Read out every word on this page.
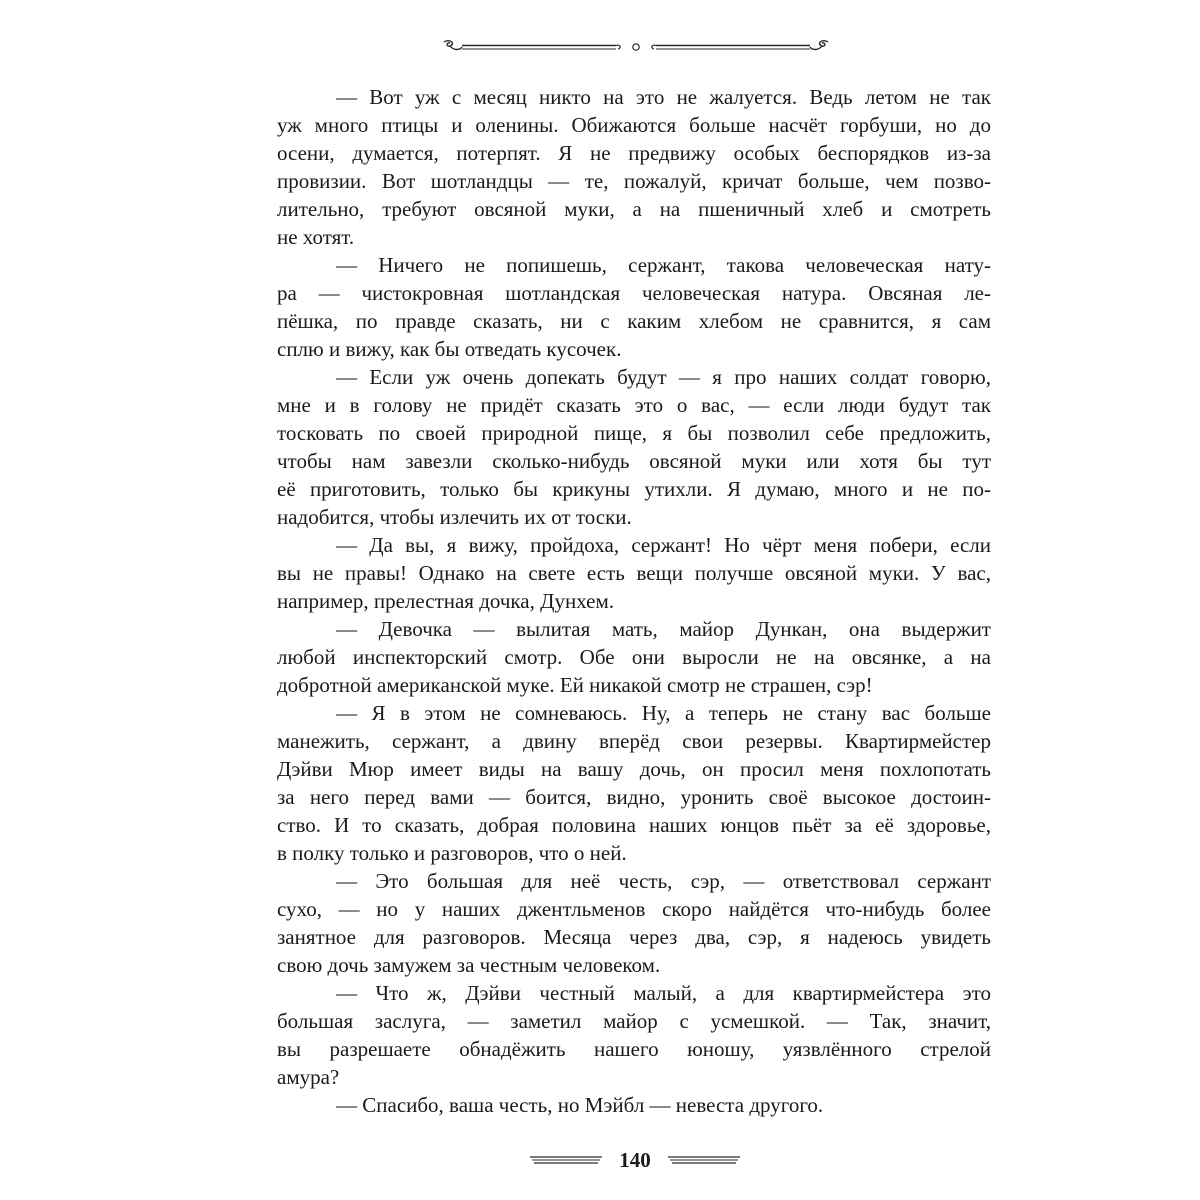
— Вот уж с месяц никто на это не жалуется. Ведь летом не так
уж много птицы и оленины. Обижаются больше насчёт горбуши, но до
осени, думается, потерпят. Я не предвижу особых беспорядков из-за
провизии. Вот шотландцы — те, пожалуй, кричат больше, чем позво-
лительно, требуют овсяной муки, а на пшеничный хлеб и смотреть
не хотят.
— Ничего не попишешь, сержант, такова человеческая нату-
ра — чистокровная шотландская человеческая натура. Овсяная ле-
пёшка, по правде сказать, ни с каким хлебом не сравнится, я сам
сплю и вижу, как бы отведать кусочек.
— Если уж очень допекать будут — я про наших солдат говорю,
мне и в голову не придёт сказать это о вас, — если люди будут так
тосковать по своей природной пище, я бы позволил себе предложить,
чтобы нам завезли сколько-нибудь овсяной муки или хотя бы тут
её приготовить, только бы крикуны утихли. Я думаю, много и не по-
надобится, чтобы излечить их от тоски.
— Да вы, я вижу, пройдоха, сержант! Но чёрт меня побери, если
вы не правы! Однако на свете есть вещи получше овсяной муки. У вас,
например, прелестная дочка, Дунхем.
— Девочка — вылитая мать, майор Дункан, она выдержит
любой инспекторский смотр. Обе они выросли не на овсянке, а на
добротной американской муке. Ей никакой смотр не страшен, сэр!
— Я в этом не сомневаюсь. Ну, а теперь не стану вас больше
манежить, сержант, а двину вперёд свои резервы. Квартирмейстер
Дэйви Мюр имеет виды на вашу дочь, он просил меня похлопотать
за него перед вами — боится, видно, уронить своё высокое достоин-
ство. И то сказать, добрая половина наших юнцов пьёт за её здоровье,
в полку только и разговоров, что о ней.
— Это большая для неё честь, сэр, — ответствовал сержант
сухо, — но у наших джентльменов скоро найдётся что-нибудь более
занятное для разговоров. Месяца через два, сэр, я надеюсь увидеть
свою дочь замужем за честным человеком.
— Что ж, Дэйви честный малый, а для квартирмейстера это
большая заслуга, — заметил майор с усмешкой. — Так, значит,
вы разрешаете обнадёжить нашего юношу, уязвлённого стрелой
амура?
— Спасибо, ваша честь, но Мэйбл — невеста другого.
140
